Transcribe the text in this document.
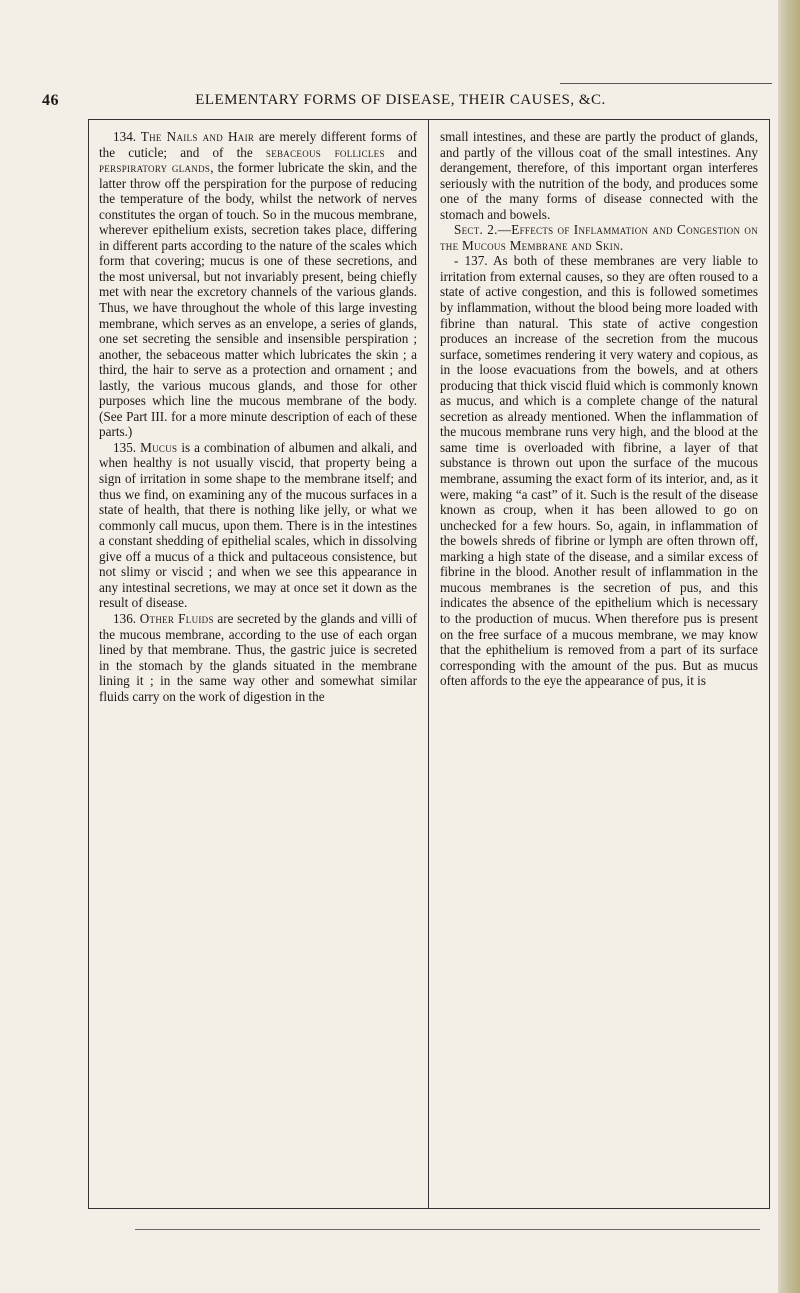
46	ELEMENTARY FORMS OF DISEASE, THEIR CAUSES, &C.

134. The Nails and Hair are merely different forms of the cuticle; and of the sebaceous follicles and perspiratory glands, the former lubricate the skin, and the latter throw off the perspiration for the purpose of reducing the temperature of the body, whilst the network of nerves constitutes the organ of touch. So in the mucous membrane, wherever epithelium exists, secretion takes place, differing in different parts according to the nature of the scales which form that covering; mucus is one of these secretions, and the most universal, but not invariably present, being chiefly met with near the excretory channels of the various glands. Thus, we have throughout the whole of this large investing membrane, which serves as an envelope, a series of glands, one set secreting the sensible and insensible perspiration ; another, the sebaceous matter which lubricates the skin ; a third, the hair to serve as a protection and ornament ; and lastly, the various mucous glands, and those for other purposes which line the mucous membrane of the body. (See Part III. for a more minute description of each of these parts.)

135. Mucus is a combination of albumen and alkali, and when healthy is not usually viscid, that property being a sign of irritation in some shape to the membrane itself; and thus we find, on examining any of the mucous surfaces in a state of health, that there is nothing like jelly, or what we commonly call mucus, upon them. There is in the intestines a constant shedding of epithelial scales, which in dissolving give off a mucus of a thick and pultaceous consistence, but not slimy or viscid ; and when we see this appearance in any intestinal secretions, we may at once set it down as the result of disease.

136. Other Fluids are secreted by the glands and villi of the mucous membrane, according to the use of each organ lined by that membrane. Thus, the gastric juice is secreted in the stomach by the glands situated in the membrane lining it ; in the same way other and somewhat similar fluids carry on the work of digestion in the

small intestines, and these are partly the product of glands, and partly of the villous coat of the small intestines. Any derangement, therefore, of this important organ interferes seriously with the nutrition of the body, and produces some one of the many forms of disease connected with the stomach and bowels.

Sect. 2.—Effects of Inflammation and Congestion on the Mucous Membrane and Skin.

- 137. As both of these membranes are very liable to irritation from external causes, so they are often roused to a state of active congestion, and this is followed sometimes by inflammation, without the blood being more loaded with fibrine than natural. This state of active congestion produces an increase of the secretion from the mucous surface, sometimes rendering it very watery and copious, as in the loose evacuations from the bowels, and at others producing that thick viscid fluid which is commonly known as mucus, and which is a complete change of the natural secretion as already mentioned. When the inflammation of the mucous membrane runs very high, and the blood at the same time is overloaded with fibrine, a layer of that substance is thrown out upon the surface of the mucous membrane, assuming the exact form of its interior, and, as it were, making “a cast” of it. Such is the result of the disease known as croup, when it has been allowed to go on unchecked for a few hours. So, again, in inflammation of the bowels shreds of fibrine or lymph are often thrown off, marking a high state of the disease, and a similar excess of fibrine in the blood. Another result of inflammation in the mucous membranes is the secretion of pus, and this indicates the absence of the epithelium which is necessary to the production of mucus. When therefore pus is present on the free surface of a mucous membrane, we may know that the ephithelium is removed from a part of its surface corresponding with the amount of the pus. But as mucus often affords to the eye the appearance of pus, it is
